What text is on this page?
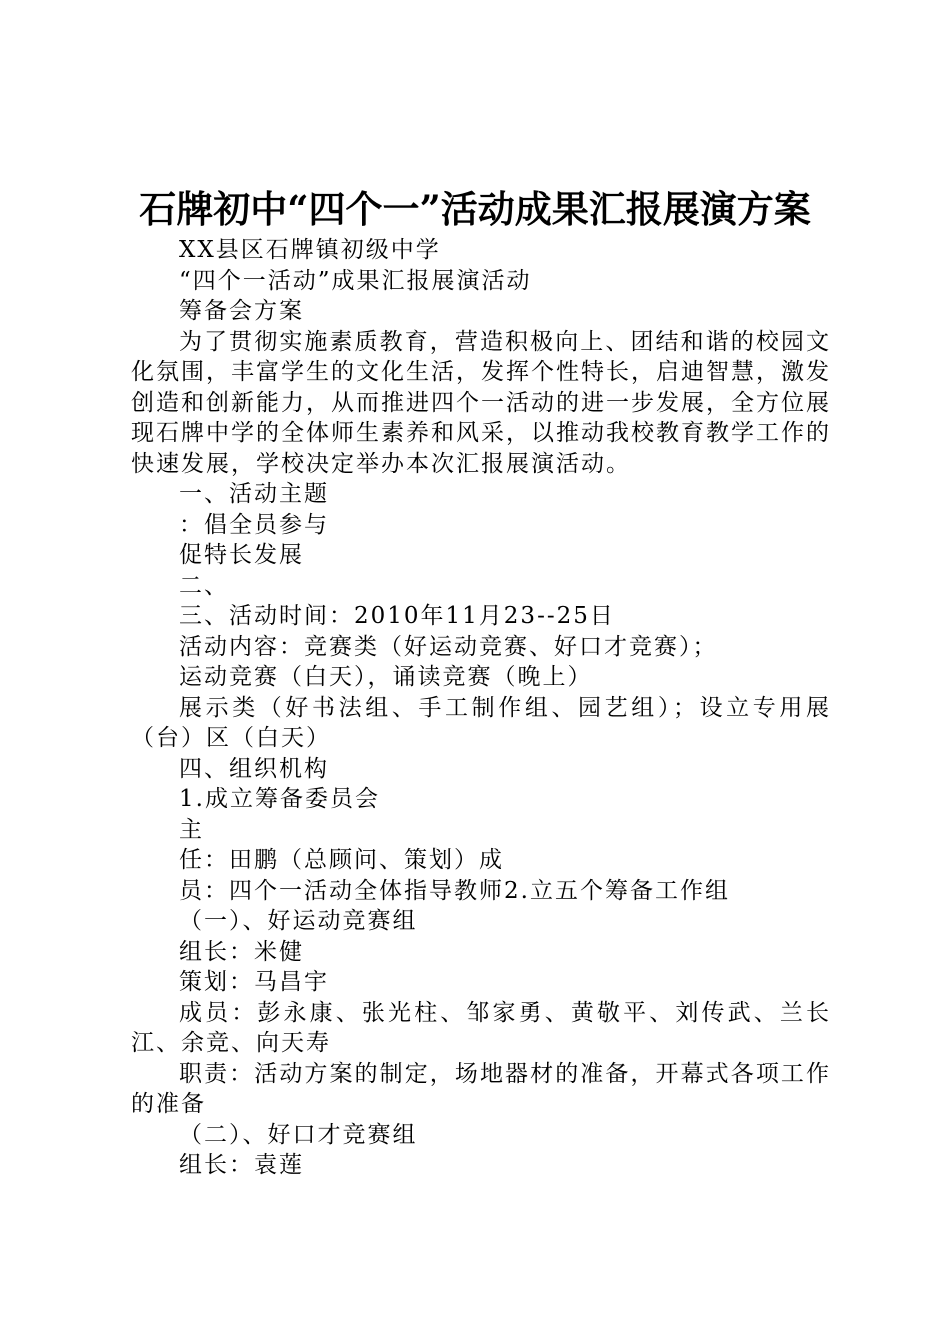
石牌初中“四个一”活动成果汇报展演方案

XX县区石牌镇初级中学

“四个一活动”成果汇报展演活动

筹备会方案

为了贯彻实施素质教育，营造积极向上、团结和谐的校园文化氛围，丰富学生的文化生活，发挥个性特长，启迪智慧，激发创造和创新能力，从而推进四个一活动的进一步发展，全方位展现石牌中学的全体师生素养和风采，以推动我校教育教学工作的快速发展，学校决定举办本次汇报展演活动。

一、活动主题

：倡全员参与

促特长发展

二、

三、活动时间：2010年11月23--25日

活动内容：竞赛类（好运动竞赛、好口才竞赛）；

运动竞赛（白天），诵读竞赛（晚上）

展示类（好书法组、手工制作组、园艺组）；设立专用展（台）区（白天）

四、组织机构

1.成立筹备委员会

主

任：田鹏（总顾问、策划）成

员：四个一活动全体指导教师2.立五个筹备工作组

（一）、好运动竞赛组

组长：米健

策划：马昌宇

成员：彭永康、张光柱、邹家勇、黄敬平、刘传武、兰长江、余竞、向天寿

职责：活动方案的制定，场地器材的准备，开幕式各项工作的准备

（二）、好口才竞赛组

组长：袁莲
